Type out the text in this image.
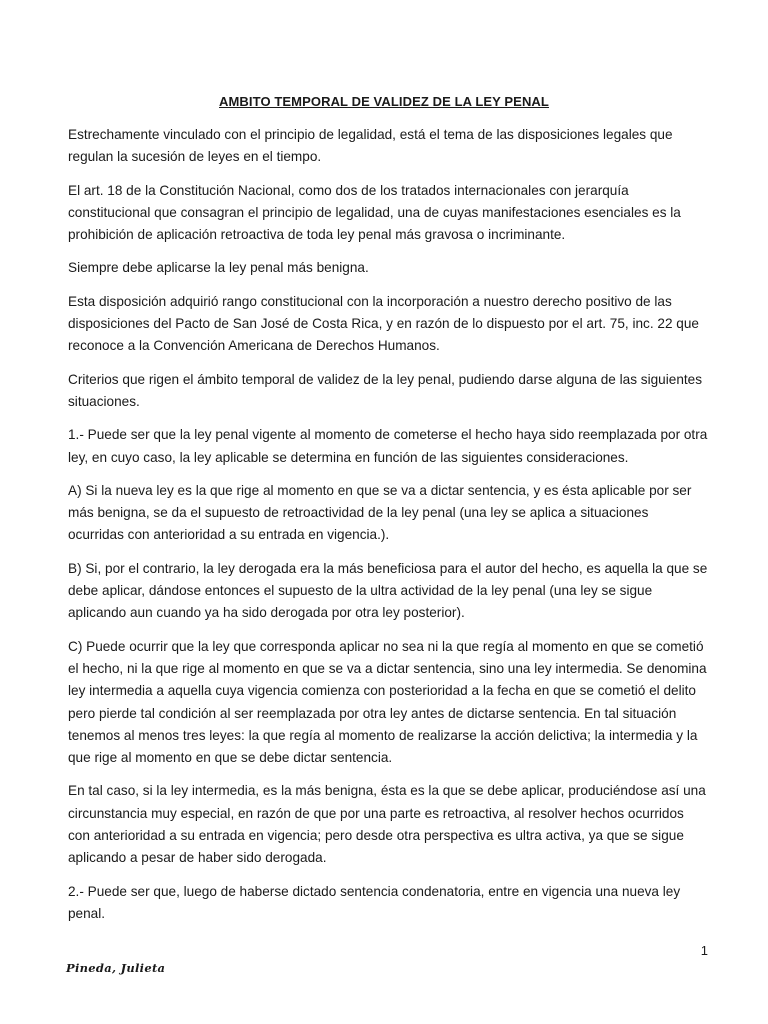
AMBITO TEMPORAL DE VALIDEZ DE LA LEY PENAL

Estrechamente vinculado con el principio de legalidad, está el tema de las disposiciones legales que regulan la sucesión de leyes en el tiempo.

El art. 18 de la Constitución Nacional, como dos de los tratados internacionales con jerarquía constitucional que consagran el principio de legalidad, una de cuyas manifestaciones esenciales es la prohibición de aplicación retroactiva de toda ley penal más gravosa o incriminante.

Siempre debe aplicarse la ley penal más benigna.

Esta disposición adquirió rango constitucional con la incorporación a nuestro derecho positivo de las disposiciones del Pacto de San José de Costa Rica, y en razón de lo dispuesto por el art. 75, inc. 22 que reconoce a la Convención Americana de Derechos Humanos.

Criterios que rigen el ámbito temporal de validez de la ley penal, pudiendo darse alguna de las siguientes situaciones.

1.- Puede ser que la ley penal vigente al momento de cometerse el hecho haya sido reemplazada por otra ley, en cuyo caso, la ley aplicable se determina en función de las siguientes consideraciones.

A) Si la nueva ley es la que rige al momento en que se va a dictar sentencia, y es ésta aplicable por ser más benigna, se da el supuesto de retroactividad de la ley penal (una ley se aplica a situaciones ocurridas con anterioridad a su entrada en vigencia.).

B) Si, por el contrario, la ley derogada era la más beneficiosa para el autor del hecho, es aquella la que se debe aplicar, dándose entonces el supuesto de la ultra actividad de la ley penal (una ley se sigue aplicando aun cuando ya ha sido derogada por otra ley posterior).

C) Puede ocurrir que la ley que corresponda aplicar no sea ni la que regía al momento en que se cometió el hecho, ni la que rige al momento en que se va a dictar sentencia, sino una ley intermedia. Se denomina ley intermedia a aquella cuya vigencia comienza con posterioridad a la fecha en que se cometió el delito pero pierde tal condición al ser reemplazada por otra ley antes de dictarse sentencia. En tal situación tenemos al menos tres leyes: la que regía al momento de realizarse la acción delictiva; la intermedia y la que rige al momento en que se debe dictar sentencia.

En tal caso, si la ley intermedia, es la más benigna, ésta es la que se debe aplicar, produciéndose así una circunstancia muy especial, en razón de que por una parte es retroactiva, al resolver hechos ocurridos con anterioridad a su entrada en vigencia; pero desde otra perspectiva es ultra activa, ya que se sigue aplicando a pesar de haber sido derogada.

2.- Puede ser que, luego de haberse dictado sentencia condenatoria, entre en vigencia una nueva ley penal.

1
Pineda, Julieta
